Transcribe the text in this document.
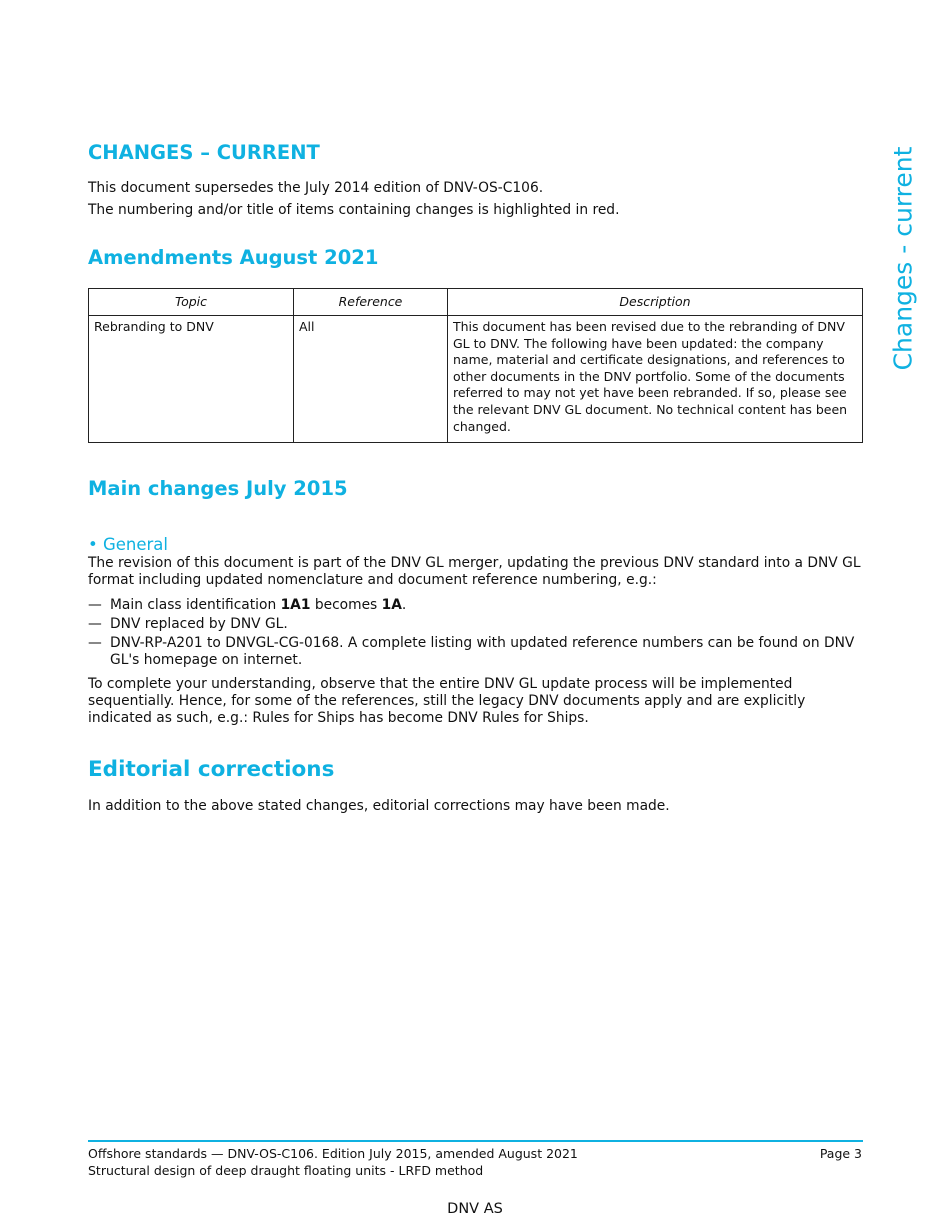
Changes - current
CHANGES – CURRENT

This document supersedes the July 2014 edition of DNV-OS-C106.

The numbering and/or title of items containing changes is highlighted in red.

Amendments August 2021
Topic	Reference	Description
Rebranding to DNV	All	This document has been revised due to the rebranding of DNV GL to DNV. The following have been updated: the company name, material and certificate designations, and references to other documents in the DNV portfolio. Some of the documents referred to may not yet have been rebranded. If so, please see the relevant DNV GL document. No technical content has been changed.
Main changes July 2015
• General

The revision of this document is part of the DNV GL merger, updating the previous DNV standard into a DNV GL format including updated nomenclature and document reference numbering, e.g.:

— Main class identification 1A1 becomes 1A.
— DNV replaced by DNV GL.
— DNV-RP-A201 to DNVGL-CG-0168. A complete listing with updated reference numbers can be found on DNV GL's homepage on internet.

To complete your understanding, observe that the entire DNV GL update process will be implemented sequentially. Hence, for some of the references, still the legacy DNV documents apply and are explicitly indicated as such, e.g.: Rules for Ships has become DNV Rules for Ships.

Editorial corrections

In addition to the above stated changes, editorial corrections may have been made.

Offshore standards — DNV-OS-C106. Edition July 2015, amended August 2021
Structural design of deep draught floating units - LRFD method
Page 3
DNV AS
